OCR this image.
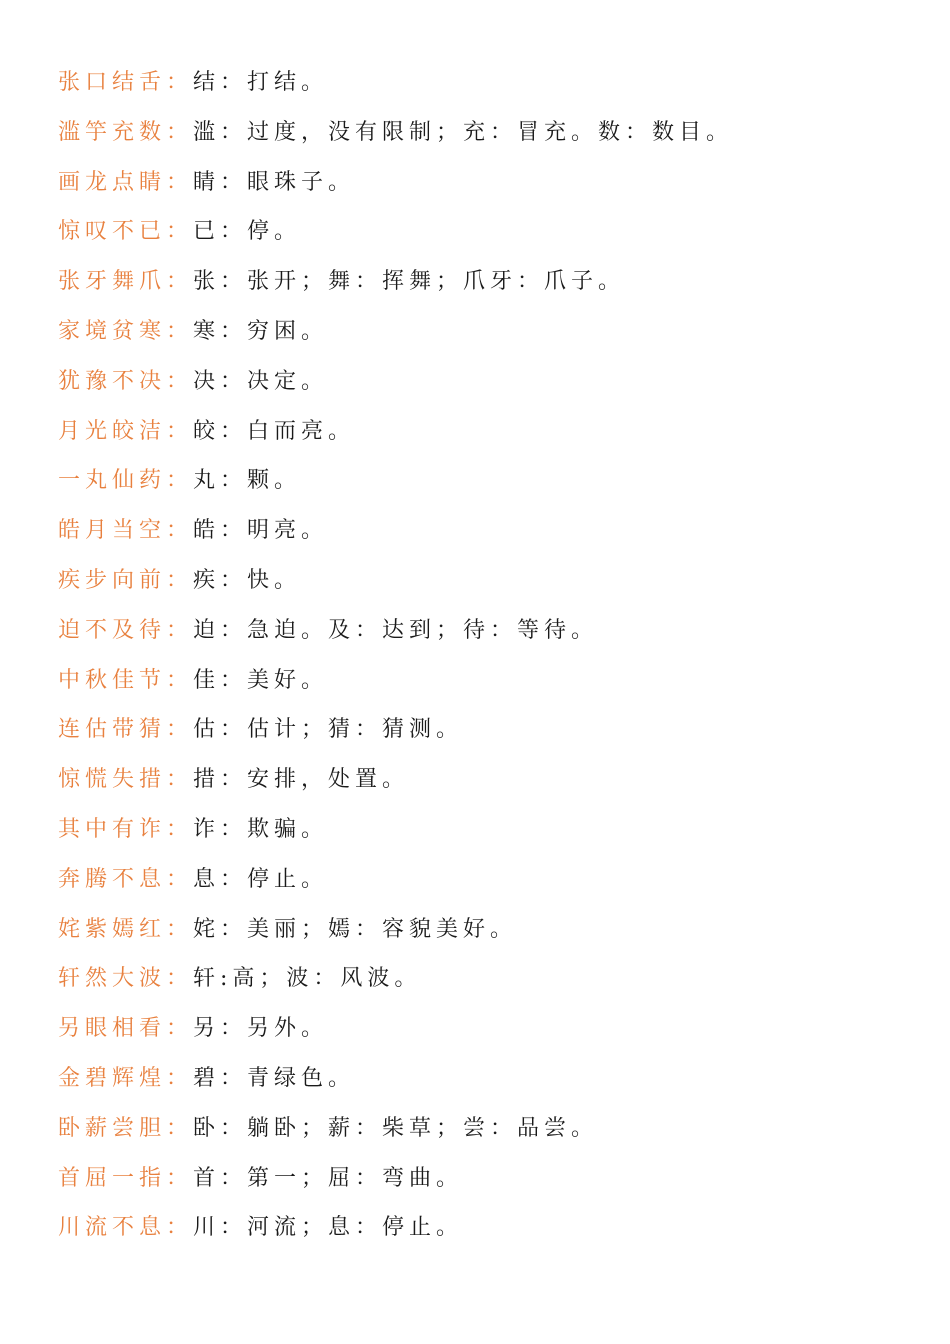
张口结舌：结：打结。
滥竽充数：滥：过度，没有限制；充：冒充。数：数目。
画龙点睛：睛：眼珠子。
惊叹不已：已：停。
张牙舞爪：张：张开；舞：挥舞；爪牙：爪子。
家境贫寒：寒：穷困。
犹豫不决：决：决定。
月光皎洁：皎：白而亮。
一丸仙药：丸：颗。
皓月当空：皓：明亮。
疾步向前：疾：快。
迫不及待：迫：急迫。及：达到；待：等待。
中秋佳节：佳：美好。
连估带猜：估：估计；猜：猜测。
惊慌失措：措：安排，处置。
其中有诈：诈：欺骗。
奔腾不息：息：停止。
姹紫嫣红：姹：美丽；嫣：容貌美好。
轩然大波：轩:高；波：风波。
另眼相看：另：另外。
金碧辉煌：碧：青绿色。
卧薪尝胆：卧：躺卧；薪：柴草；尝：品尝。
首屈一指：首：第一；屈：弯曲。
川流不息：川：河流；息：停止。
